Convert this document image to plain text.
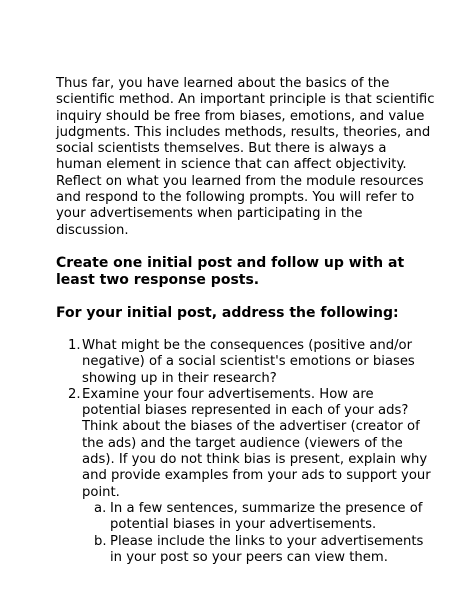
Thus far, you have learned about the basics of the scientific method. An important principle is that scientific inquiry should be free from biases, emotions, and value judgments. This includes methods, results, theories, and social scientists themselves. But there is always a human element in science that can affect objectivity. Reflect on what you learned from the module resources and respond to the following prompts. You will refer to your advertisements when participating in the discussion.

Create one initial post and follow up with at least two response posts.

For your initial post, address the following:

1. What might be the consequences (positive and/or negative) of a social scientist's emotions or biases showing up in their research?
2. Examine your four advertisements. How are potential biases represented in each of your ads? Think about the biases of the advertiser (creator of the ads) and the target audience (viewers of the ads). If you do not think bias is present, explain why and provide examples from your ads to support your point.
a. In a few sentences, summarize the presence of potential biases in your advertisements.
b. Please include the links to your advertisements in your post so your peers can view them.
